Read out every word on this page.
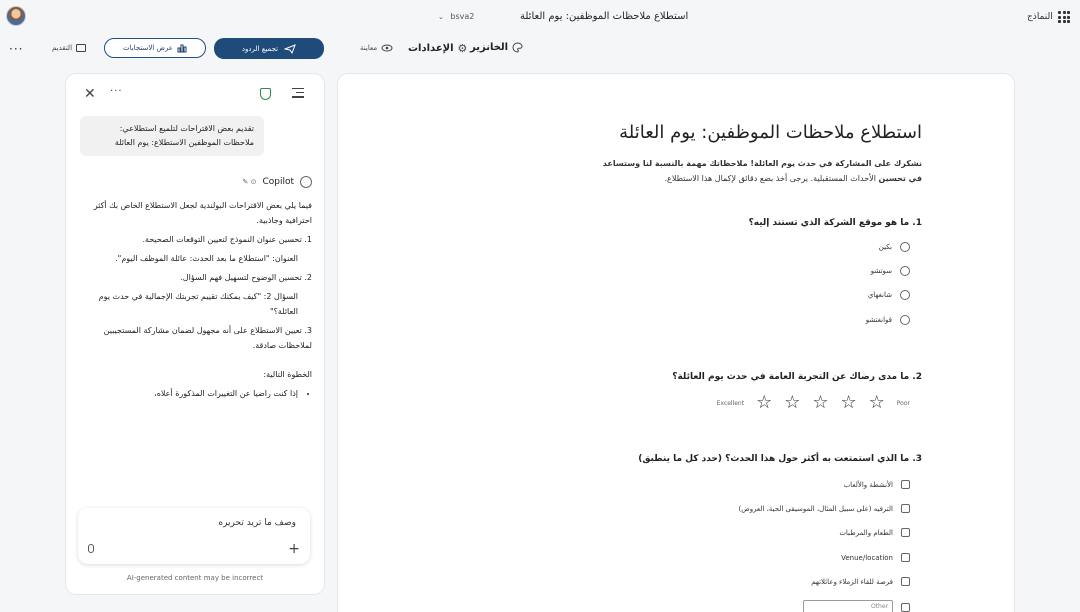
⌄ bsva2	استطلاع ملاحظات الموظفين: يوم العائلة	النماذج
···	التقديم	عرض الاستجابات	تجميع الردود	معاينة	الإعدادات ⚙ الخانزير
✕ ···
تقديم بعض الاقتراحات لتلميع استطلاعي: ملاحظات الموظفين الاستطلاع: يوم العائلة
Copilot
⊙ ✎

فيما يلي بعض الاقتراحات البولندية لجعل الاستطلاع الخاص بك أكثر احترافية وجاذبية.

1. تحسين عنوان النموذج لتعيين التوقعات الصحيحة.

العنوان: "استطلاع ما بعد الحدث: عائلة الموظف اليوم".

2. تحسين الوضوح لتسهيل فهم السؤال.

السؤال 2: "كيف يمكنك تقييم تجربتك الإجمالية في حدث يوم العائلة؟"

3. تعيين الاستطلاع على أنه مجهول لضمان مشاركة المستجيبين لملاحظات صادقة.

الخطوة التالية:

• إذا كنت راضيا عن التغييرات المذكورة أعلاه،
وصف ما تريد تحريره
+
AI-generated content may be incorrect
استطلاع ملاحظات الموظفين: يوم العائلة
نشكرك على المشاركة في حدث يوم العائلة! ملاحظاتك مهمة بالنسبة لنا وستساعد في تحسين الأحداث المستقبلية. يرجى أخذ بضع دقائق لإكمال هذا الاستطلاع.
1. ما هو موقع الشركة الذي تستند إليه؟
بكين
سوتشو
شانغهاي
قوانغتشو
2. ما مدى رضاك عن التجربة العامة في حدث يوم العائلة؟
Poor
☆
☆
☆
☆
☆
Excellent
3. ما الذي استمتعت به أكثر حول هذا الحدث؟ (حدد كل ما ينطبق)
الأنشطة والألعاب
الترفيه (على سبيل المثال، الموسيقى الحية، العروض)
الطعام والمرطبات
Venue/location
فرصة للقاء الزملاء وعائلاتهم
Other
